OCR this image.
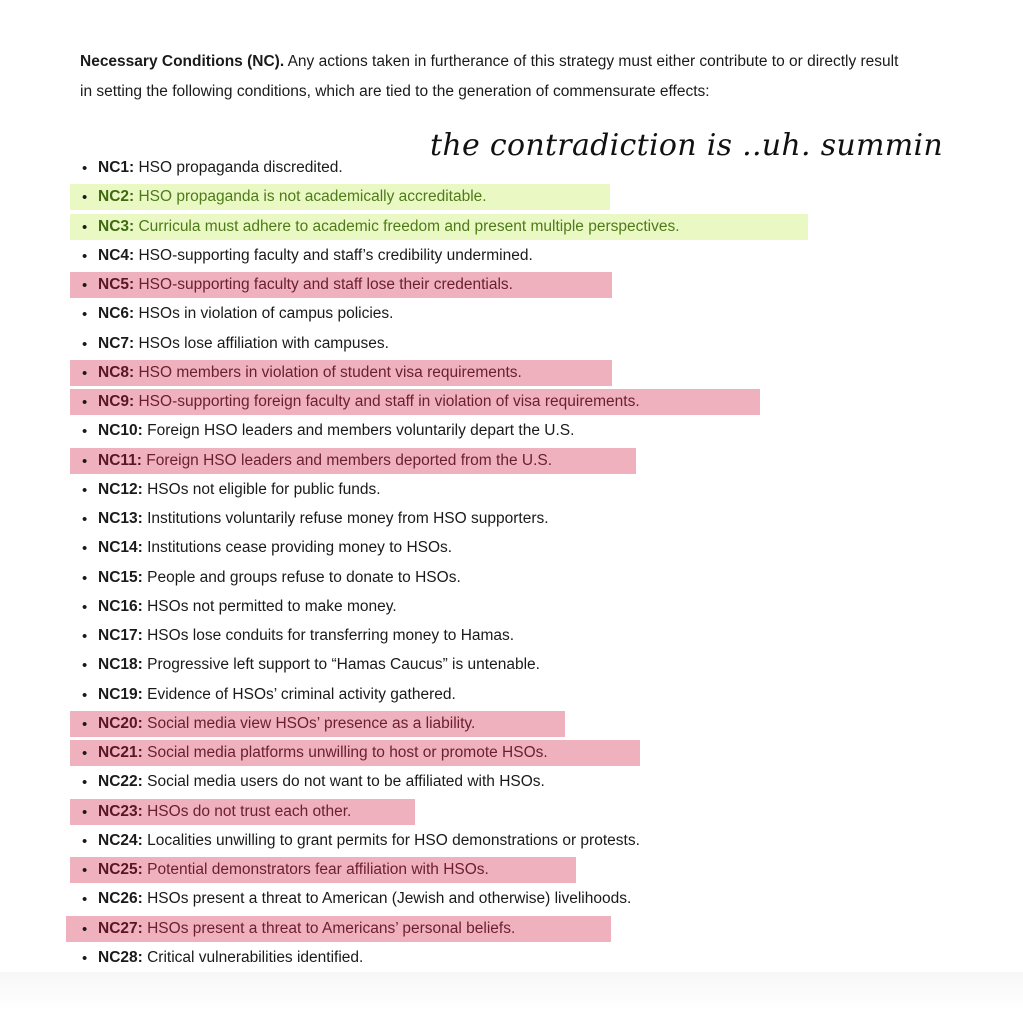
Necessary Conditions (NC). Any actions taken in furtherance of this strategy must either contribute to or directly result in setting the following conditions, which are tied to the generation of commensurate effects:

the contradiction is ..uh. summin
• NC1: HSO propaganda discredited.
• NC2: HSO propaganda is not academically accreditable.
• NC3: Curricula must adhere to academic freedom and present multiple perspectives.
• NC4: HSO-supporting faculty and staff’s credibility undermined.
• NC5: HSO-supporting faculty and staff lose their credentials.
• NC6: HSOs in violation of campus policies.
• NC7: HSOs lose affiliation with campuses.
• NC8: HSO members in violation of student visa requirements.
• NC9: HSO-supporting foreign faculty and staff in violation of visa requirements.
• NC10: Foreign HSO leaders and members voluntarily depart the U.S.
• NC11: Foreign HSO leaders and members deported from the U.S.
• NC12: HSOs not eligible for public funds.
• NC13: Institutions voluntarily refuse money from HSO supporters.
• NC14: Institutions cease providing money to HSOs.
• NC15: People and groups refuse to donate to HSOs.
• NC16: HSOs not permitted to make money.
• NC17: HSOs lose conduits for transferring money to Hamas.
• NC18: Progressive left support to “Hamas Caucus” is untenable.
• NC19: Evidence of HSOs’ criminal activity gathered.
• NC20: Social media view HSOs’ presence as a liability.
• NC21: Social media platforms unwilling to host or promote HSOs.
• NC22: Social media users do not want to be affiliated with HSOs.
• NC23: HSOs do not trust each other.
• NC24: Localities unwilling to grant permits for HSO demonstrations or protests.
• NC25: Potential demonstrators fear affiliation with HSOs.
• NC26: HSOs present a threat to American (Jewish and otherwise) livelihoods.
• NC27: HSOs present a threat to Americans’ personal beliefs.
• NC28: Critical vulnerabilities identified.
